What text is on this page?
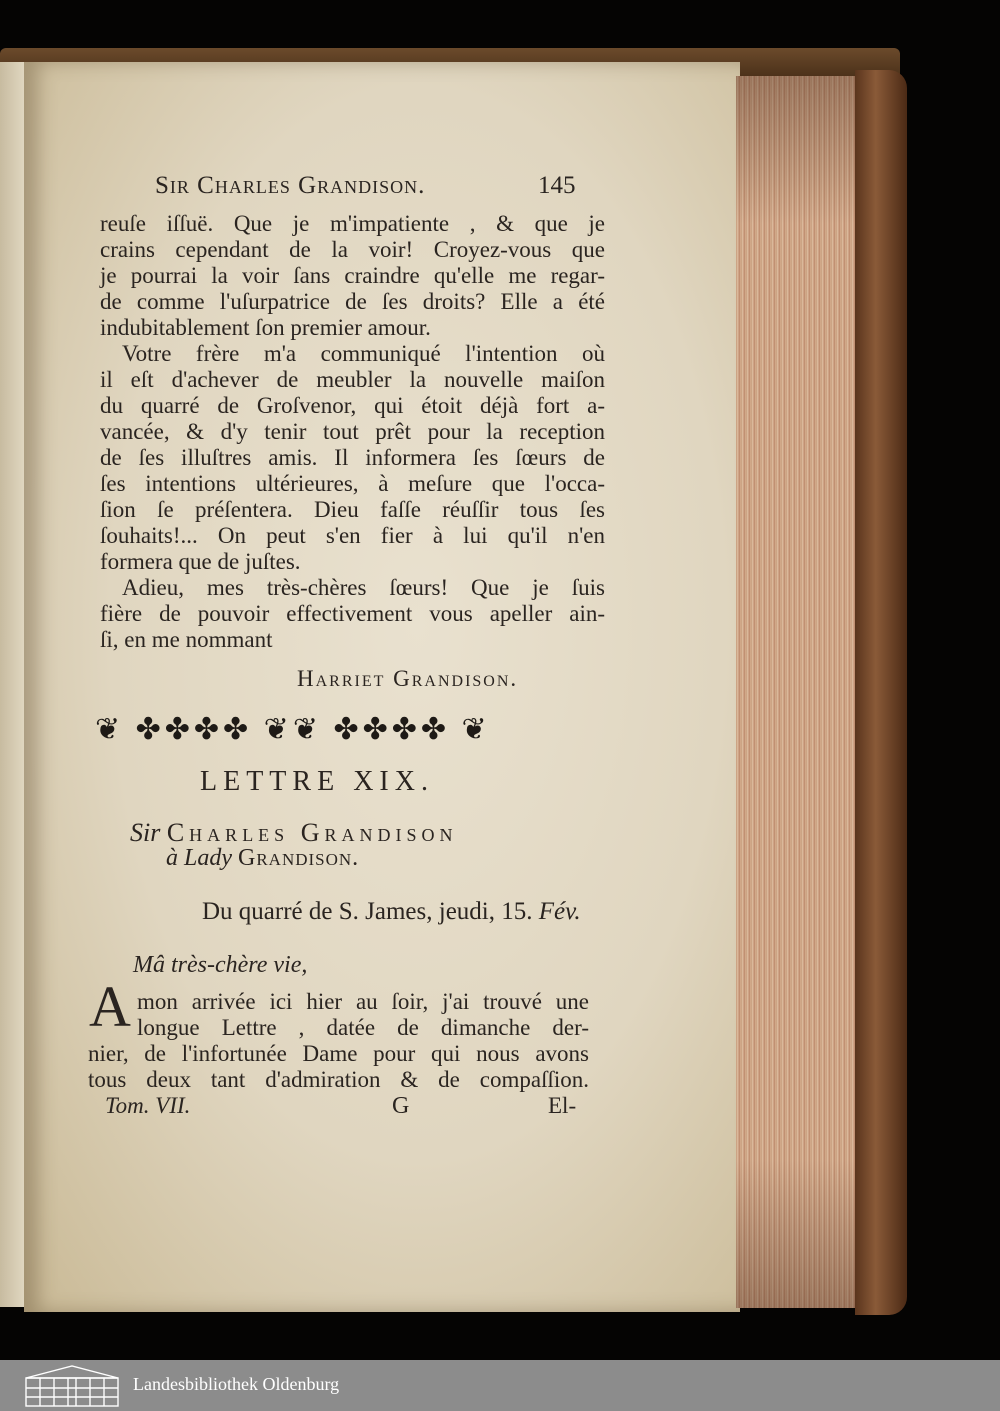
Sir Charles Grandison.	145
reuſe iſſuë. Que je m'impatiente , & que je
crains cependant de la voir! Croyez-vous que
je pourrai la voir ſans craindre qu'elle me regar-
de comme l'uſurpatrice de ſes droits? Elle a été
indubitablement ſon premier amour.
Votre frère m'a communiqué l'intention où
il eſt d'achever de meubler la nouvelle maiſon
du quarré de Groſvenor, qui étoit déjà fort a-
vancée, & d'y tenir tout prêt pour la reception
de ſes illuſtres amis. Il informera ſes ſœurs de
ſes intentions ultérieures, à meſure que l'occa-
ſion ſe préſentera. Dieu faſſe réuſſir tous ſes
ſouhaits!... On peut s'en fier à lui qu'il n'en
formera que de juſtes.
Adieu, mes très-chères ſœurs! Que je ſuis
fière de pouvoir effectivement vous apeller ain-
ſi, en me nommant
Harriet Grandison.
❦ ✤✤✤✤ ❦❦ ✤✤✤✤ ❦
LETTRE XIX.
Sir Charles Grandison
à Lady Grandison.
Du quarré de S. James, jeudi, 15. Fév.
Mâ très-chère vie,
A mon arrivée ici hier au ſoir, j'ai trouvé une
longue Lettre , datée de dimanche der-
nier, de l'infortunée Dame pour qui nous avons
tous deux tant d'admiration & de compaſſion.
Tom. VII.	G	El-
Landesbibliothek Oldenburg
